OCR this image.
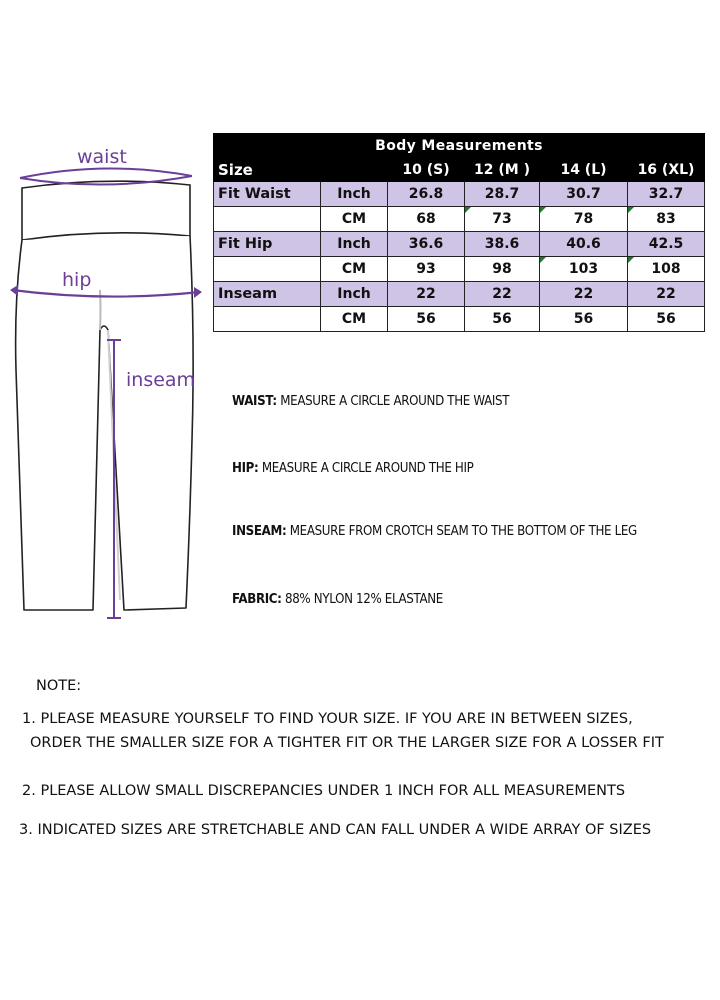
waist
hip
inseam
Body Measurements					
Size		10 (S)	12 (M )	14 (L)	16 (XL)
Fit Waist	Inch	26.8	28.7	30.7	32.7
	CM	68	73	78	83
Fit Hip	Inch	36.6	38.6	40.6	42.5
	CM	93	98	103	108
Inseam	Inch	22	22	22	22
	CM	56	56	56	56
WAIST: MEASURE A CIRCLE AROUND THE WAIST
HIP: MEASURE A CIRCLE AROUND THE HIP
INSEAM: MEASURE FROM CROTCH SEAM TO THE BOTTOM OF THE LEG
FABRIC: 88% NYLON 12% ELASTANE
NOTE:
1. PLEASE MEASURE YOURSELF TO FIND YOUR SIZE. IF YOU ARE IN BETWEEN SIZES,
ORDER THE SMALLER SIZE FOR A TIGHTER FIT OR THE LARGER SIZE FOR A LOSSER FIT
2. PLEASE ALLOW SMALL DISCREPANCIES UNDER 1 INCH FOR ALL MEASUREMENTS
3. INDICATED SIZES ARE STRETCHABLE AND CAN FALL UNDER A WIDE ARRAY OF SIZES
